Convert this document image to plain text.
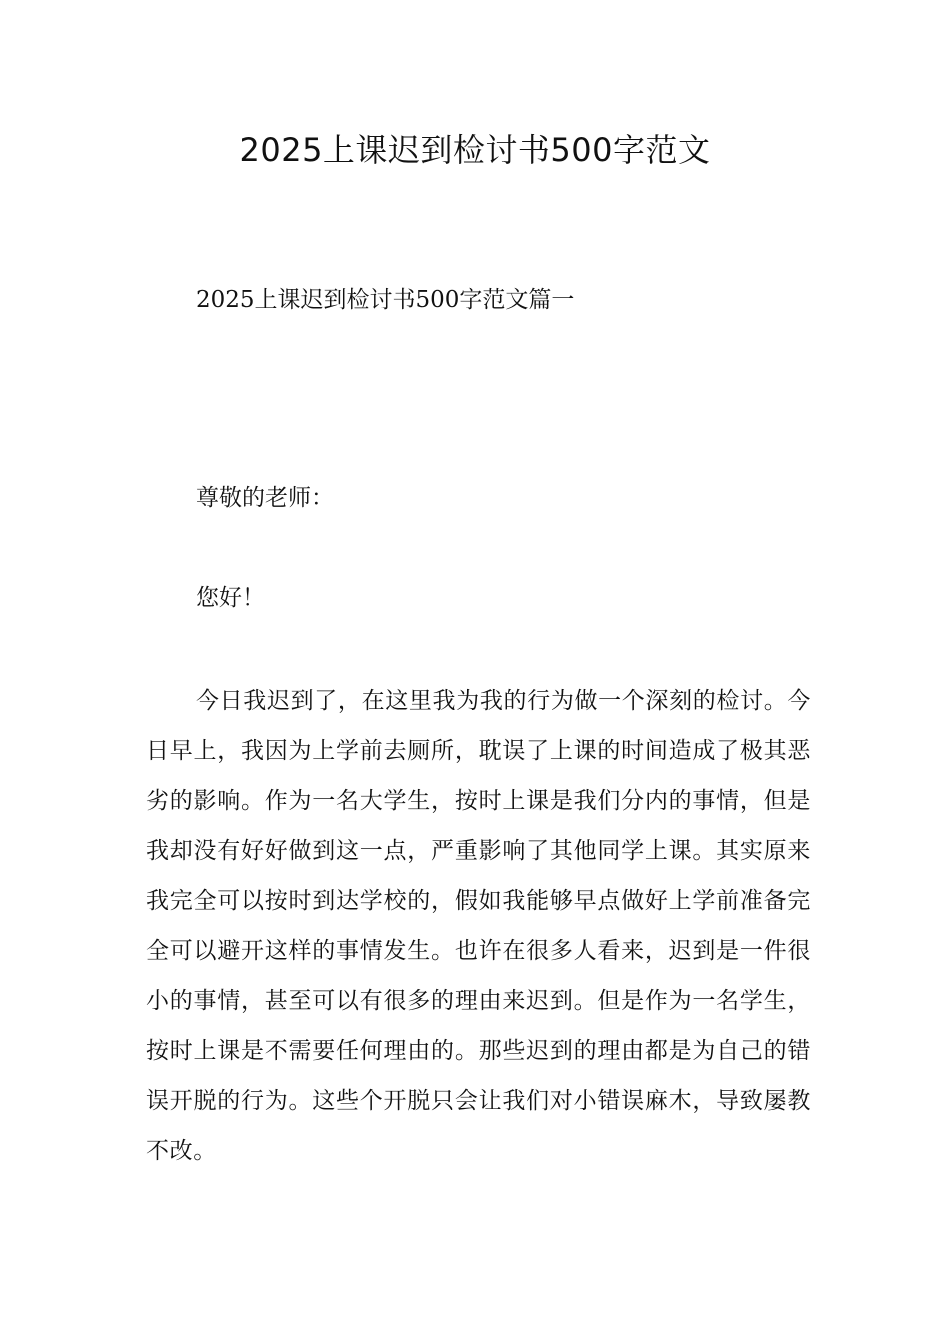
2025上课迟到检讨书500字范文

2025上课迟到检讨书500字范文篇一

尊敬的老师：

您好！

今日我迟到了，在这里我为我的行为做一个深刻的检讨。今日早上，我因为上学前去厕所，耽误了上课的时间造成了极其恶劣的影响。作为一名大学生，按时上课是我们分内的事情，但是我却没有好好做到这一点，严重影响了其他同学上课。其实原来我完全可以按时到达学校的，假如我能够早点做好上学前准备完全可以避开这样的事情发生。也许在很多人看来，迟到是一件很小的事情，甚至可以有很多的理由来迟到。但是作为一名学生，按时上课是不需要任何理由的。那些迟到的理由都是为自己的错误开脱的行为。这些个开脱只会让我们对小错误麻木，导致屡教不改。
